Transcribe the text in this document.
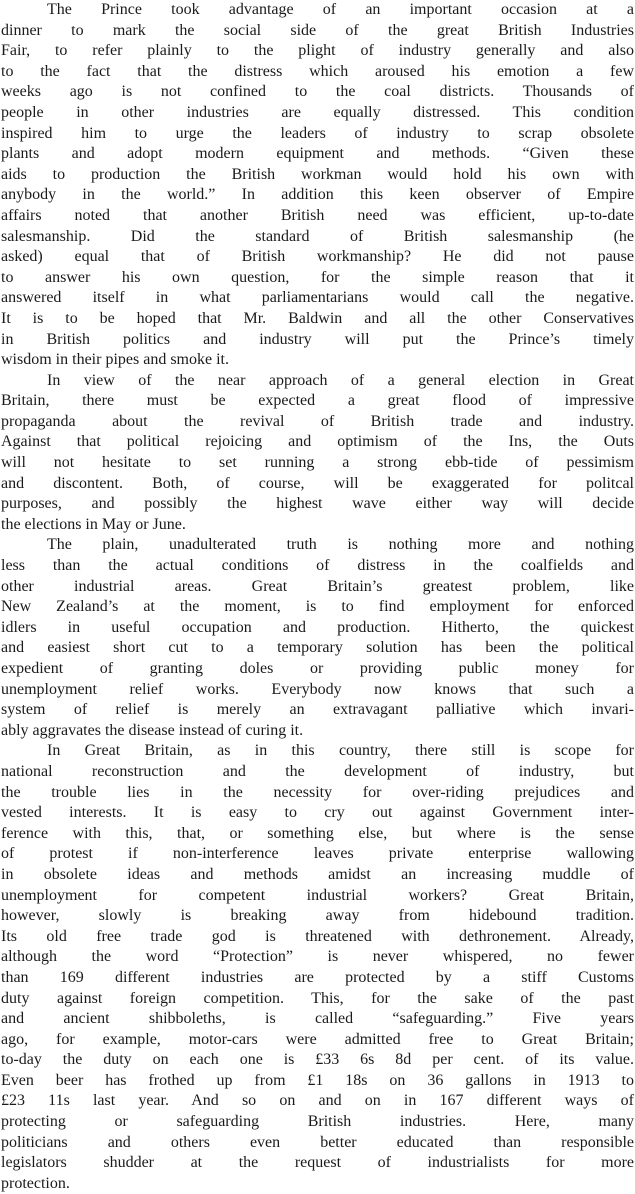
The Prince took advantage of an important occasion at a
dinner to mark the social side of the great British Industries
Fair, to refer plainly to the plight of industry generally and also
to the fact that the distress which aroused his emotion a few
weeks ago is not confined to the coal districts. Thousands of
people in other industries are equally distressed. This condition
inspired him to urge the leaders of industry to scrap obsolete
plants and adopt modern equipment and methods. “Given these
aids to production the British workman would hold his own with
anybody in the world.” In addition this keen observer of Empire
affairs noted that another British need was efficient, up-to-date
salesmanship. Did the standard of British salesmanship (he
asked) equal that of British workmanship? He did not pause
to answer his own question, for the simple reason that it
answered itself in what parliamentarians would call the negative.
It is to be hoped that Mr. Baldwin and all the other Conservatives
in British politics and industry will put the Prince’s timely
wisdom in their pipes and smoke it.
In view of the near approach of a general election in Great
Britain, there must be expected a great flood of impressive
propaganda about the revival of British trade and industry.
Against that political rejoicing and optimism of the Ins, the Outs
will not hesitate to set running a strong ebb-tide of pessimism
and discontent. Both, of course, will be exaggerated for politcal
purposes, and possibly the highest wave either way will decide
the elections in May or June.
The plain, unadulterated truth is nothing more and nothing
less than the actual conditions of distress in the coalfields and
other industrial areas. Great Britain’s greatest problem, like
New Zealand’s at the moment, is to find employment for enforced
idlers in useful occupation and production. Hitherto, the quickest
and easiest short cut to a temporary solution has been the political
expedient of granting doles or providing public money for
unemployment relief works. Everybody now knows that such a
system of relief is merely an extravagant palliative which invari-
ably aggravates the disease instead of curing it.
In Great Britain, as in this country, there still is scope for
national reconstruction and the development of industry, but
the trouble lies in the necessity for over-riding prejudices and
vested interests. It is easy to cry out against Government inter-
ference with this, that, or something else, but where is the sense
of protest if non-interference leaves private enterprise wallowing
in obsolete ideas and methods amidst an increasing muddle of
unemployment for competent industrial workers? Great Britain,
however, slowly is breaking away from hidebound tradition.
Its old free trade god is threatened with dethronement. Already,
although the word “Protection” is never whispered, no fewer
than 169 different industries are protected by a stiff Customs
duty against foreign competition. This, for the sake of the past
and ancient shibboleths, is called “safeguarding.” Five years
ago, for example, motor-cars were admitted free to Great Britain;
to-day the duty on each one is £33 6s 8d per cent. of its value.
Even beer has frothed up from £1 18s on 36 gallons in 1913 to
£23 11s last year. And so on and on in 167 different ways of
protecting or safeguarding British industries. Here, many
politicians and others even better educated than responsible
legislators shudder at the request of industrialists for more
protection.
